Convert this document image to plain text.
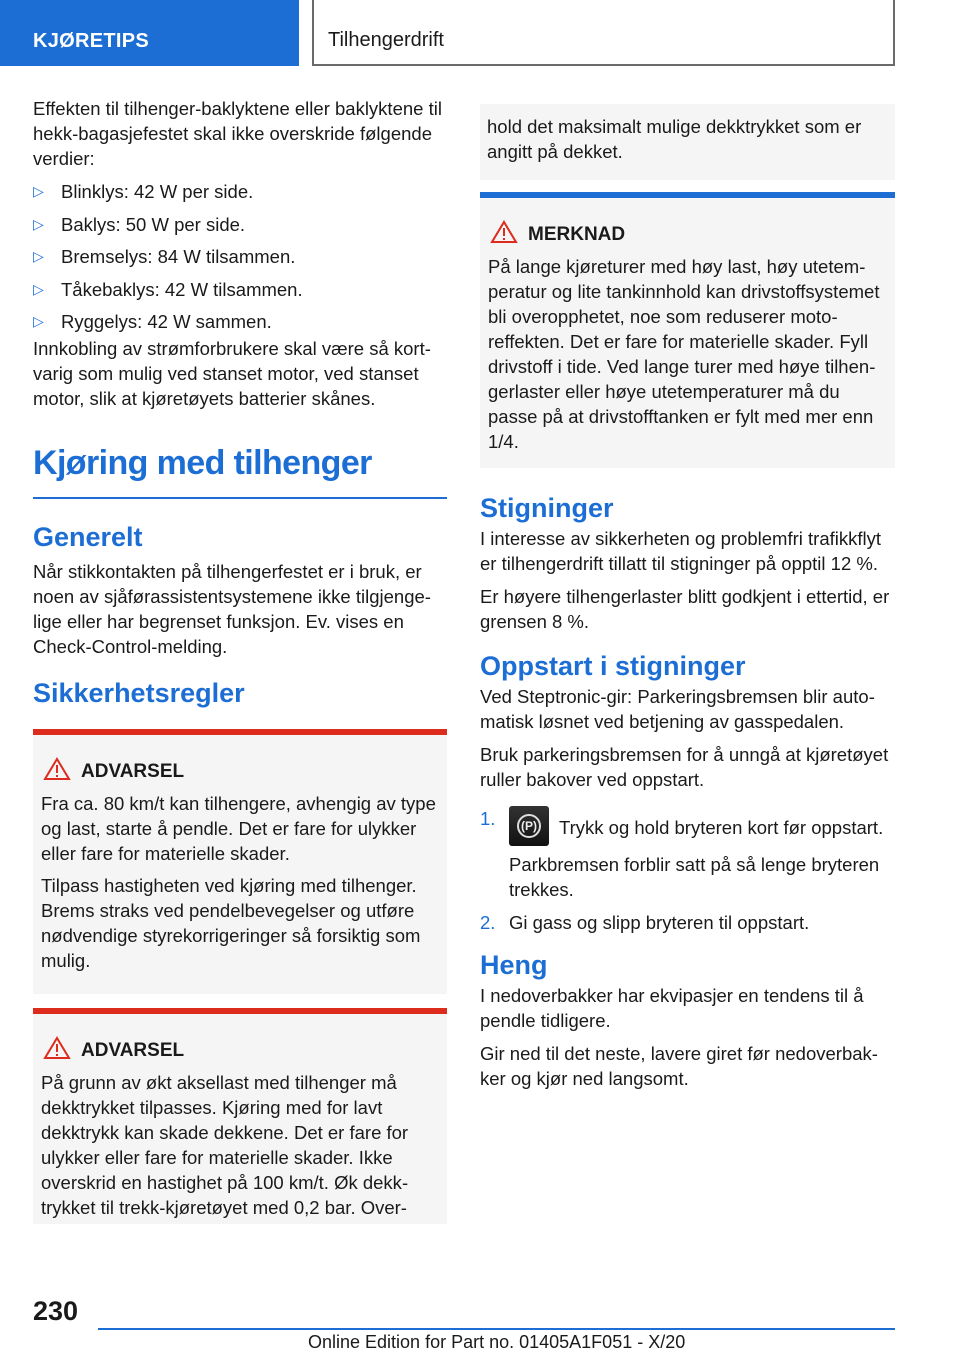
KJØRETIPS	Tilhengerdrift

Effekten til tilhenger-baklyktene eller baklyktene til hekk-bagasjefestet skal ikke overskride følgende verdier:

▷ Blinklys: 42 W per side.
▷ Baklys: 50 W per side.
▷ Bremselys: 84 W tilsammen.
▷ Tåkebaklys: 42 W tilsammen.
▷ Ryggelys: 42 W sammen.

Innkobling av strømforbrukere skal være så kortvarig som mulig ved stanset motor, ved stanset motor, slik at kjøretøyets batterier skånes.

Kjøring med tilhenger
Generelt

Når stikkontakten på tilhengerfestet er i bruk, er noen av sjåførassistentsystemene ikke tilgjengelige eller har begrenset funksjon. Ev. vises en Check-Control-melding.

Sikkerhetsregler
ADVARSEL

Fra ca. 80 km/t kan tilhengere, avhengig av type og last, starte å pendle. Det er fare for ulykker eller fare for materielle skader.

Tilpass hastigheten ved kjøring med tilhenger. Brems straks ved pendelbevegelser og utføre nødvendige styrekorrigeringer så forsiktig som mulig.

ADVARSEL

På grunn av økt aksellast med tilhenger må dekktrykket tilpasses. Kjøring med for lavt dekktrykk kan skade dekkene. Det er fare for ulykker eller fare for materielle skader. Ikke overskrid en hastighet på 100 km/t. Øk dekktrykket til trekk-kjøretøyet med 0,2 bar. Over-

hold det maksimalt mulige dekktrykket som er angitt på dekket.

MERKNAD

På lange kjøreturer med høy last, høy utetemperatur og lite tankinnhold kan drivstoffsystemet bli overopphetet, noe som reduserer motoreffekten. Det er fare for materielle skader. Fyll drivstoff i tide. Ved lange turer med høye tilhengerlaster eller høye utetemperaturer må du passe på at drivstofftanken er fylt med mer enn 1/4.

Stigninger

I interesse av sikkerheten og problemfri trafikkflyt er tilhengerdrift tillatt til stigninger på opptil 12 %.

Er høyere tilhengerlaster blitt godkjent i ettertid, er grensen 8 %.

Oppstart i stigninger

Ved Steptronic-gir: Parkeringsbremsen blir automatisk løsnet ved betjening av gasspedalen.

Bruk parkeringsbremsen for å unngå at kjøretøyet ruller bakover ved oppstart.

1.	(P) Trykk og hold bryteren kort før oppstart.
Parkbremsen forblir satt på så lenge bryteren trekkes.
2. Gi gass og slipp bryteren til oppstart.
Heng

I nedoverbakker har ekvipasjer en tendens til å pendle tidligere.

Gir ned til det neste, lavere giret før nedoverbakker og kjør ned langsomt.

230
Online Edition for Part no. 01405A1F051 - X/20
